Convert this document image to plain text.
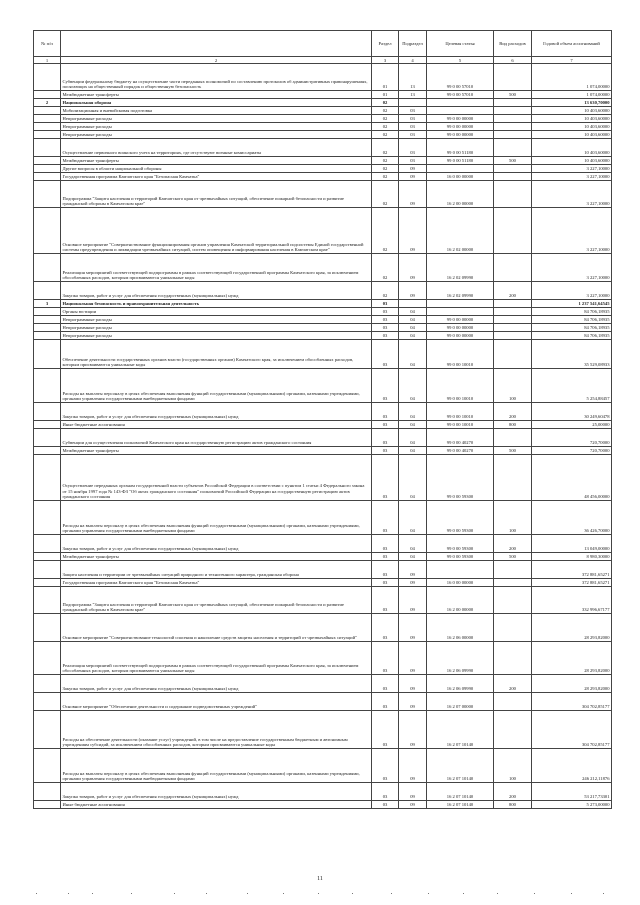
№ п/п		Раздел	Подраздел	Целевая статья	Вид расходов	Годовой объем ассигнований
1	2	3	4	5	6	7
	Субвенции федеральному бюджету на осуществление части переданных полномочий по составлению протоколов об административных правонарушениях, посягающих на общественный порядок и общественную безопасность	01	13	99 0 00 57010		1 074,00000
	Межбюджетные трансферты	01	13	99 0 00 57010	500	1 074,00000
2	Национальная оборона	02				13 630,70000
	Мобилизационная и вневойсковая подготовка	02	03			10 403,60000
	Непрограммные расходы	02	03	99 0 00 00000		10 403,60000
	Непрограммные расходы	02	03	99 0 00 00000		10 403,60000
	Непрограммные расходы	02	03	99 0 00 00000		10 403,60000
	Осуществление первичного воинского учета на территориях, где отсутствуют военные комиссариаты	02	03	99 0 00 51180		10 403,60000
	Межбюджетные трансферты	02	03	99 0 00 51180	500	10 403,60000
	Другие вопросы в области национальной обороны	02	09			3 227,10000
	Государственная программа Камчатского края "Безопасная Камчатка"	02	09	16 0 00 00000		3 227,10000
	Подпрограмма "Защита населения и территорий Камчатского края от чрезвычайных ситуаций, обеспечение пожарной безопасности и развитие гражданской обороны в Камчатском крае"	02	09	16 2 00 00000		3 227,10000
	Основное мероприятие "Совершенствование функционирования органов управления Камчатской территориальной подсистемы Единой государственной системы предупреждения и ликвидации чрезвычайных ситуаций, систем оповещения и информирования населения в Камчатском крае"	02	09	16 2 02 00000		3 227,10000
	Реализация мероприятий соответствующей подпрограммы в рамках соответствующей государственной программы Камчатского края, за исключением обособленных расходов, которым присваиваются уникальные коды	02	09	16 2 02 09990		3 227,10000
	Закупка товаров, работ и услуг для обеспечения государственных (муниципальных) нужд	02	09	16 2 02 09990	200	3 227,10000
3	Национальная безопасность и правоохранительная деятельность	03				1 237 541,64545
	Органы юстиции	03	04			84 706,18935
	Непрограммные расходы	03	04	99 0 00 00000		84 706,18935
	Непрограммные расходы	03	04	99 0 00 00000		84 706,18935
	Непрограммные расходы	03	04	99 0 00 00000		84 706,18935
	Обеспечение деятельности государственных органов власти (государственных органов) Камчатского края, за исключением обособленных расходов, которым присваиваются уникальные коды	03	04	99 0 00 10010		35 529,08933
	Расходы на выплаты персоналу в целях обеспечения выполнения функций государственными (муниципальными) органами, казенными учреждениями, органами управления государственными внебюджетными фондами	03	04	99 0 00 10010	100	5 254,88457
	Закупка товаров, работ и услуг для обеспечения государственных (муниципальных) нужд	03	04	99 0 00 10010	200	30 249,60478
	Иные бюджетные ассигнования	03	04	99 0 00 10010	800	25,00000
	Субвенции для осуществления полномочий Камчатского края на государственную регистрацию актов гражданского состояния	03	04	99 0 00 40270		720,70000
	Межбюджетные трансферты	03	04	99 0 00 40270	500	720,70000
	Осуществление переданных органам государственной власти субъектов Российской Федерации в соответствии с пунктом 1 статьи 4 Федерального закона от 15 ноября 1997 года № 143-ФЗ "Об актах гражданского состояния" полномочий Российской Федерации на государственную регистрацию актов гражданского состояния	03	04	99 0 00 59300		48 456,00000
	Расходы на выплаты персоналу в целях обеспечения выполнения функций государственными (муниципальными) органами, казенными учреждениями, органами управления государственными внебюджетными фондами	03	04	99 0 00 59300	100	36 426,70000
	Закупка товаров, работ и услуг для обеспечения государственных (муниципальных) нужд	03	04	99 0 00 59300	200	13 049,00000
	Межбюджетные трансферты	03	04	99 0 00 59300	500	8 980,30000
	Защита населения и территории от чрезвычайных ситуаций природного и техногенного характера, гражданская оборона	03	09			372 881,65271
	Государственная программа Камчатского края "Безопасная Камчатка"	03	09	16 0 00 00000		372 881,65271
	Подпрограмма "Защита населения и территорий Камчатского края от чрезвычайных ситуаций, обеспечение пожарной безопасности и развитие гражданской обороны в Камчатском крае"	03	09	16 2 00 00000		332 996,67177
	Основное мероприятие "Совершенствование технологий спасения и накопление средств защиты населения и территорий от чрезвычайных ситуаций"	03	09	16 2 06 00000		28 293,82000
	Реализация мероприятий соответствующей подпрограммы в рамках соответствующей государственной программы Камчатского края, за исключением обособленных расходов, которым присваиваются уникальные коды	03	09	16 2 06 09990		28 293,82000
	Закупка товаров, работ и услуг для обеспечения государственных (муниципальных) нужд	03	09	16 2 06 09990	200	28 293,82000
	Основное мероприятие "Обеспечение деятельности и содержание подведомственных учреждений"	03	09	16 2 07 00000		304 702,85177
	Расходы на обеспечение деятельности (оказание услуг) учреждений, в том числе на предоставление государственным бюджетным и автономным учреждениям субсидий, за исключением обособленных расходов, которым присваиваются уникальные коды	03	09	16 2 07 10140		304 702,85177
	Расходы на выплаты персоналу в целях обеспечения выполнения функций государственными (муниципальными) органами, казенными учреждениями, органами управления государственными внебюджетными фондами	03	09	16 2 07 10140	100	246 212,11876
	Закупка товаров, работ и услуг для обеспечения государственных (муниципальных) нужд	03	09	16 2 07 10140	200	53 217,73301
	Иные бюджетные ассигнования	03	09	16 2 07 10140	800	5 273,00000
11
